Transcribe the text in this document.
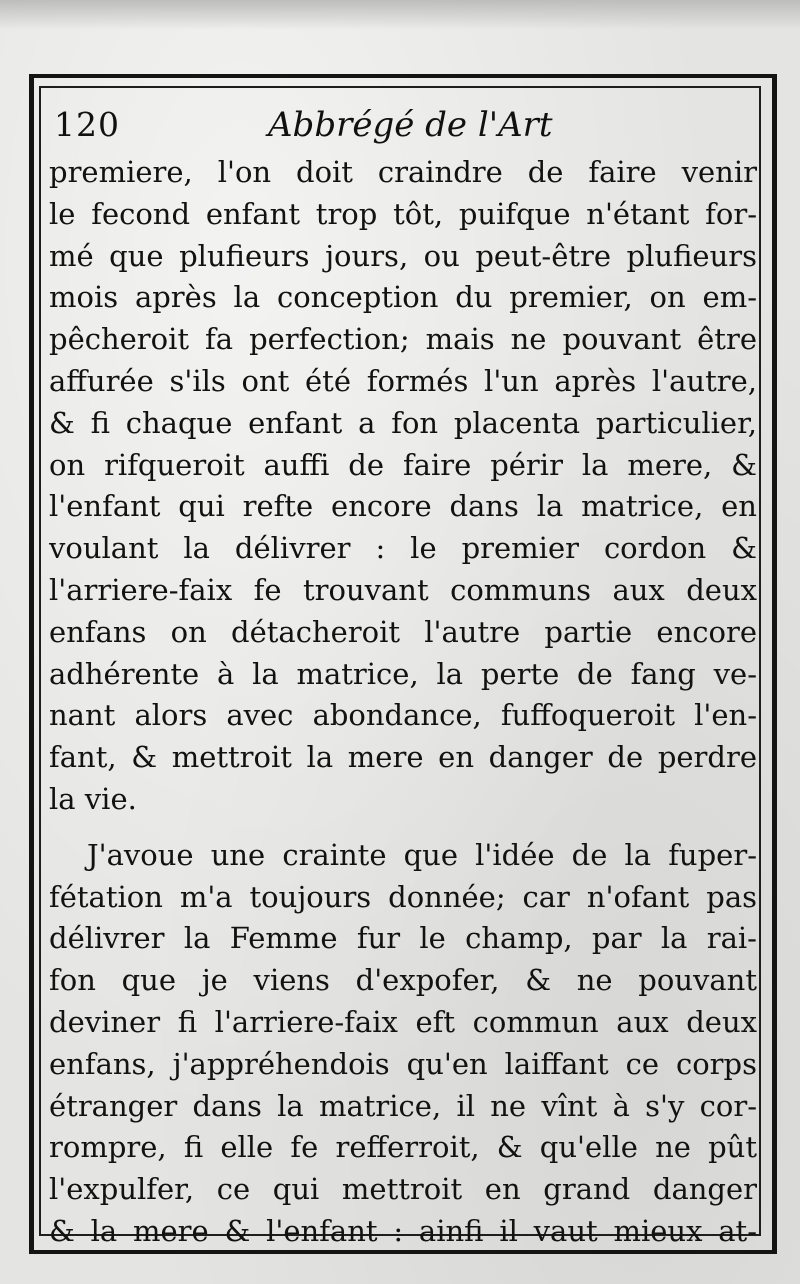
120	Abbrégé de l'Art
premiere, l'on doit craindre de faire venir
le fecond enfant trop tôt, puifque n'étant for-
mé que plufieurs jours, ou peut-être plufieurs
mois après la conception du premier, on em-
pêcheroit fa perfection; mais ne pouvant être
affurée s'ils ont été formés l'un après l'autre,
& fi chaque enfant a fon placenta particulier,
on rifqueroit auffi de faire périr la mere, &
l'enfant qui refte encore dans la matrice, en
voulant la délivrer : le premier cordon &
l'arriere-faix fe trouvant communs aux deux
enfans on détacheroit l'autre partie encore
adhérente à la matrice, la perte de fang ve-
nant alors avec abondance, fuffoqueroit l'en-
fant, & mettroit la mere en danger de perdre
la vie.
J'avoue une crainte que l'idée de la fuper-
fétation m'a toujours donnée; car n'ofant pas
délivrer la Femme fur le champ, par la rai-
fon que je viens d'expofer, & ne pouvant
deviner fi l'arriere-faix eft commun aux deux
enfans, j'appréhendois qu'en laiffant ce corps
étranger dans la matrice, il ne vînt à s'y cor-
rompre, fi elle fe refferroit, & qu'elle ne pût
l'expulfer, ce qui mettroit en grand danger
& la mere & l'enfant : ainfi il vaut mieux at-
